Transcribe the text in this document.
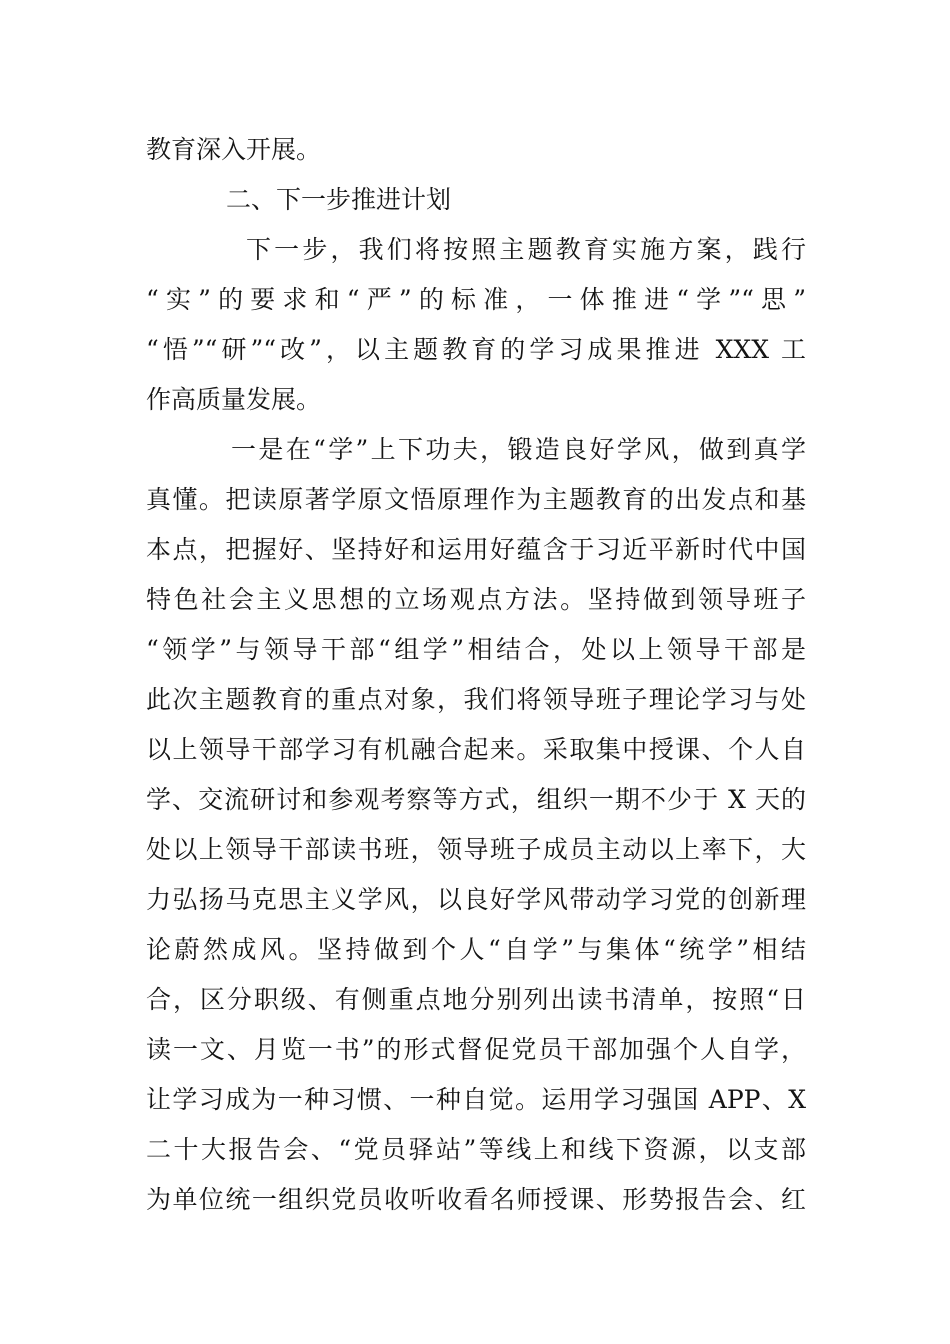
教育深入开展。
二、下一步推进计划
下一步，我们将按照主题教育实施方案，践行
“实”的要求和“严”的标准，一体推进“学”“思”
“悟”“研”“改”，以主题教育的学习成果推进 XXX 工
作高质量发展。
一是在“学”上下功夫，锻造良好学风，做到真学
真懂。把读原著学原文悟原理作为主题教育的出发点和基
本点，把握好、坚持好和运用好蕴含于习近平新时代中国
特色社会主义思想的立场观点方法。坚持做到领导班子
“领学”与领导干部“组学”相结合，处以上领导干部是
此次主题教育的重点对象，我们将领导班子理论学习与处
以上领导干部学习有机融合起来。采取集中授课、个人自
学、交流研讨和参观考察等方式，组织一期不少于 X 天的
处以上领导干部读书班，领导班子成员主动以上率下，大
力弘扬马克思主义学风，以良好学风带动学习党的创新理
论蔚然成风。坚持做到个人“自学”与集体“统学”相结
合，区分职级、有侧重点地分别列出读书清单，按照“日
读一文、月览一书”的形式督促党员干部加强个人自学，
让学习成为一种习惯、一种自觉。运用学习强国 APP、X
二十大报告会、“党员驿站”等线上和线下资源，以支部
为单位统一组织党员收听收看名师授课、形势报告会、红
